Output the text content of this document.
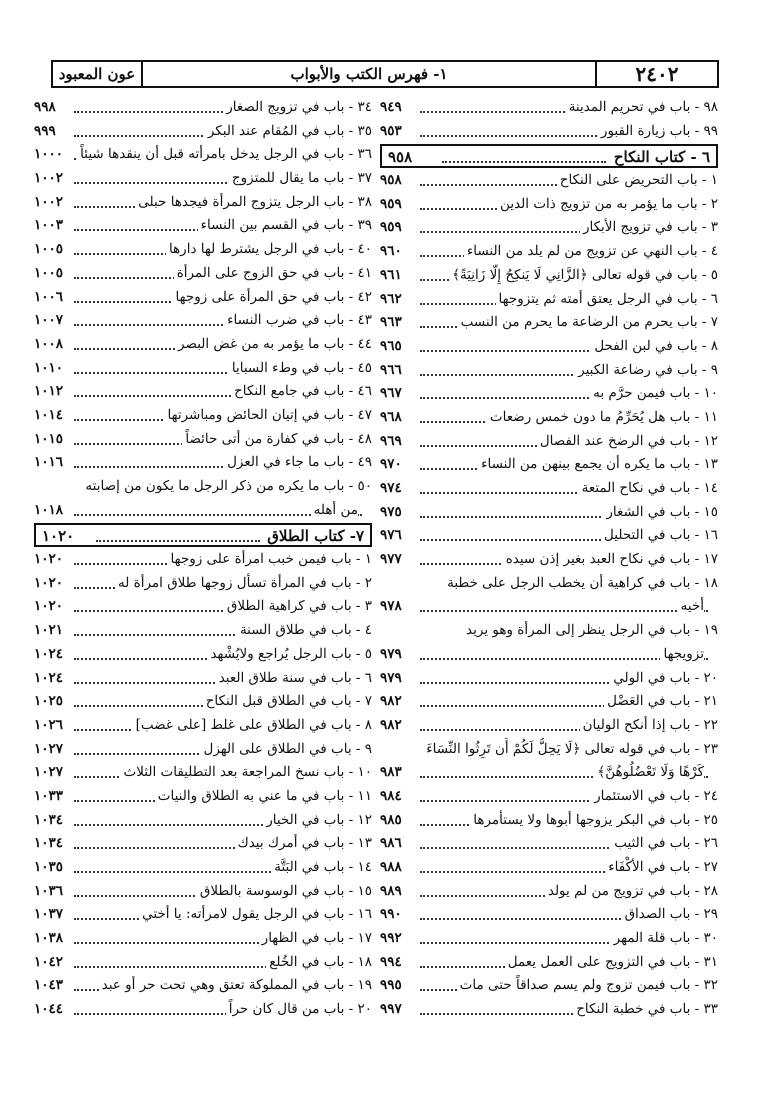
عون المعبود	١- فهرس الكتب والأبواب	٢٤٠٢
٩٨ - باب في تحريم المدينة
٩٤٩
٩٩ - باب زيارة القبور
٩٥٣
٦ - كتاب النكاح
٩٥٨
١ - باب التحريض على النكاح
٩٥٨
٢ - باب ما يؤمر به من تزويج ذات الدين
٩٥٩
٣ - باب في تزويج الأبكار
٩٥٩
٤ - باب النهي عن تزويج من لم يلد من النساء
٩٦٠
٥ - باب في قوله تعالى ﴿الزَّانِي لَا يَنكِحُ إِلَّا زَانِيَةً﴾
٩٦١
٦ - باب في الرجل يعتق أمته ثم يتزوجها
٩٦٢
٧ - باب يحرم من الرضاعة ما يحرم من النسب
٩٦٣
٨ - باب في لبن الفحل
٩٦٥
٩ - باب في رضاعة الكبير
٩٦٦
١٠ - باب فيمن حرَّم به
٩٦٧
١١ - باب هل يُحَرِّمُ ما دون خمس رضعات
٩٦٨
١٢ - باب في الرضخ عند الفصال
٩٦٩
١٣ - باب ما يكره أن يجمع بينهن من النساء
٩٧٠
١٤ - باب في نكاح المتعة
٩٧٤
١٥ - باب في الشغار
٩٧٥
١٦ - باب في التحليل
٩٧٦
١٧ - باب في نكاح العبد بغير إذن سيده
٩٧٧
١٨ - باب في كراهية أن يخطب الرجل على خطبة
أخيه
٩٧٨
١٩ - باب في الرجل ينظر إلى المرأة وهو يريد
تزويجها
٩٧٩
٢٠ - باب في الولي
٩٧٩
٢١ - باب في العَضْل
٩٨٢
٢٢ - باب إذا أنكح الوليان
٩٨٢
٢٣ - باب في قوله تعالى ﴿لَا يَحِلُّ لَكُمْ أَن تَرِثُوا النِّسَاءَ
كَرْهًا وَلَا تَعْضُلُوهُنَّ﴾
٩٨٣
٢٤ - باب في الاستئمار
٩٨٤
٢٥ - باب في البكر يزوجها أبوها ولا يستأمرها
٩٨٥
٢٦ - باب في الثيب
٩٨٦
٢٧ - باب في الأكْفَاء
٩٨٨
٢٨ - باب في تزويج من لم يولد
٩٨٩
٢٩ - باب الصداق
٩٩٠
٣٠ - باب قلة المهر
٩٩٢
٣١ - باب في التزويج على العمل يعمل
٩٩٤
٣٢ - باب فيمن تزوج ولم يسم صداقاً حتى مات
٩٩٥
٣٣ - باب في خطبة النكاح
٩٩٧
٣٤ - باب في تزويج الصغار
٩٩٨
٣٥ - باب في المُقام عند البكر
٩٩٩
٣٦ - باب في الرجل يدخل بامرأته قبل أن ينقدها شيئاً
١٠٠٠
٣٧ - باب ما يقال للمتزوج
١٠٠٢
٣٨ - باب الرجل يتزوج المرأة فيجدها حبلى
١٠٠٢
٣٩ - باب في القسم بين النساء
١٠٠٣
٤٠ - باب في الرجل يشترط لها دارها
١٠٠٥
٤١ - باب في حق الزوج على المرأة
١٠٠٥
٤٢ - باب في حق المرأة على زوجها
١٠٠٦
٤٣ - باب في ضرب النساء
١٠٠٧
٤٤ - باب ما يؤمر به من غض البصر
١٠٠٨
٤٥ - باب في وطء السبايا
١٠١٠
٤٦ - باب في جامع النكاح
١٠١٢
٤٧ - باب في إتيان الحائض ومباشرتها
١٠١٤
٤٨ - باب في كفارة من أتى حائضاً
١٠١٥
٤٩ - باب ما جاء في العزل
١٠١٦
٥٠ - باب ما يكره من ذكر الرجل ما يكون من إصابته
من أهله
١٠١٨
٧- كتاب الطلاق
١٠٢٠
١ - باب فيمن خبب امرأة على زوجها
١٠٢٠
٢ - باب في المرأة تسأل زوجها طلاق امرأة له
١٠٢٠
٣ - باب في كراهية الطلاق
١٠٢٠
٤ - باب في طلاق السنة
١٠٢١
٥ - باب الرجل يُراجع ولايُشْهد
١٠٢٤
٦ - باب في سنة طلاق العبد
١٠٢٤
٧ - باب في الطلاق قبل النكاح
١٠٢٥
٨ - باب في الطلاق على غلط [على غضب]
١٠٢٦
٩ - باب في الطلاق على الهزل
١٠٢٧
١٠ - باب نسخ المراجعة بعد التطليقات الثلاث
١٠٢٧
١١ - باب في ما عني به الطلاق والنيات
١٠٣٣
١٢ - باب في الخيار
١٠٣٤
١٣ - باب في أمرك بيدك
١٠٣٤
١٤ - باب في البَتَّة
١٠٣٥
١٥ - باب في الوسوسة بالطلاق
١٠٣٦
١٦ - باب في الرجل يقول لامرأته: يا أختي
١٠٣٧
١٧ - باب في الظهار
١٠٣٨
١٨ - باب في الخُلع
١٠٤٢
١٩ - باب في المملوكة تعتق وهي تحت حر أو عبد
١٠٤٣
٢٠ - باب من قال كان حراً
١٠٤٤
